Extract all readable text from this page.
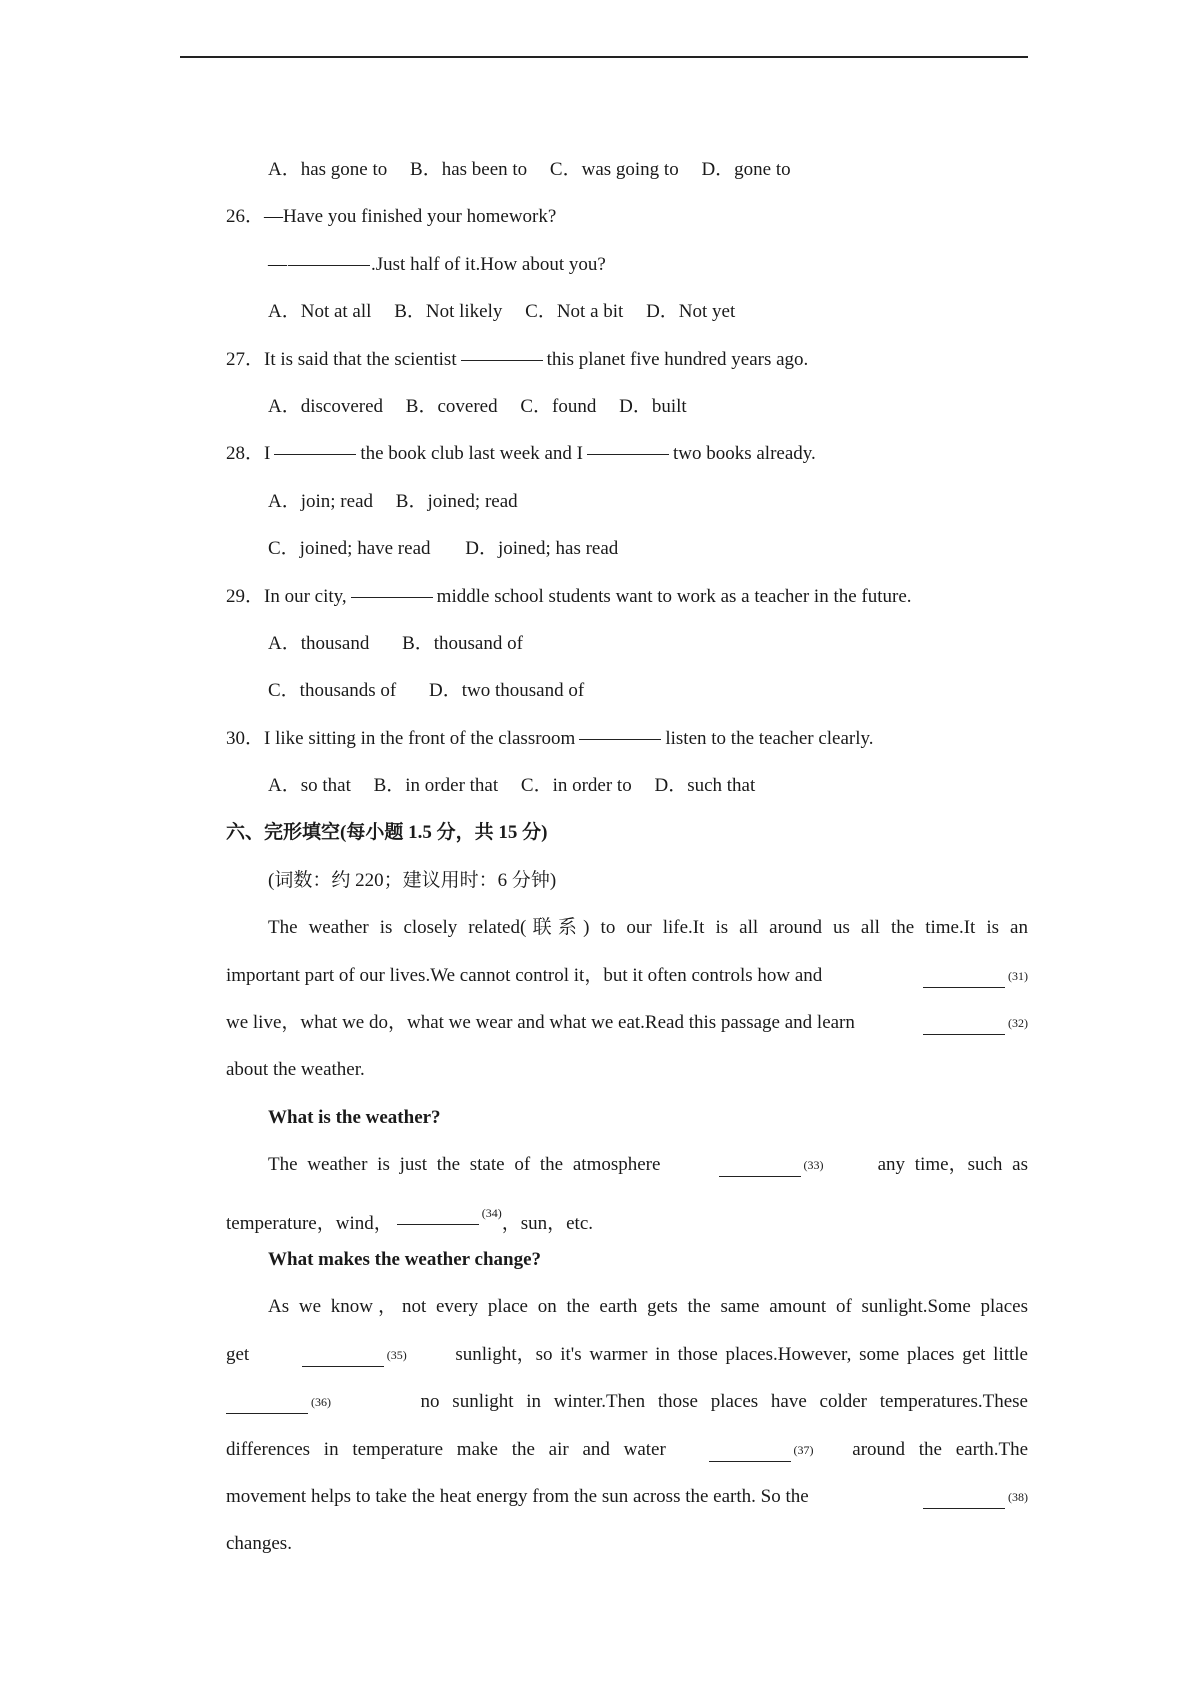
A．has gone to B．has been to C．was going to D．gone to
26．—Have you finished your homework?
—	.Just half of it.How about you?
A．Not at all B．Not likely C．Not a bit D．Not yet
27．It is said that the scientist	this planet five hundred years ago.
A．discovered B．covered C．found D．built
28．I	the book club last week and I	two books already.
A．join; read B．joined; read
C．joined; have read D．joined; has read
29．In our city,	middle school students want to work as a teacher in the future.
A．thousand B．thousand of
C．thousands of D．two thousand of
30．I like sitting in the front of the classroom	listen to the teacher clearly.
A．so that B．in order that C．in order to D．such that
六、完形填空(每小题 1.5 分，共 15 分)
(词数：约 220；建议用时：6 分钟)
The weather is closely related(联系) to our life.It is all around us all the time.It is an
important part of our lives.We cannot control it，but it often controls how and	$^{(31)}$
we live，what we do，what we wear and what we eat.Read this passage and learn	$^{(32)}$
about the weather.
What is the weather?
The weather is just the state of the atmosphere	$^{(33)}$	any time，such as
temperature，wind，	$^{(34)}$，sun，etc.
What makes the weather change?
As we know，not every place on the earth gets the same amount of sunlight.Some places
get	$^{(35)}$	sunlight，so it's warmer in those places.However, some places get little
$^{(36)}$	no sunlight in winter.Then those places have colder temperatures.These
differences in temperature make the air and water	$^{(37)}$ around the earth.The
movement helps to take the heat energy from the sun across the earth. So the	$^{(38)}$
changes.
